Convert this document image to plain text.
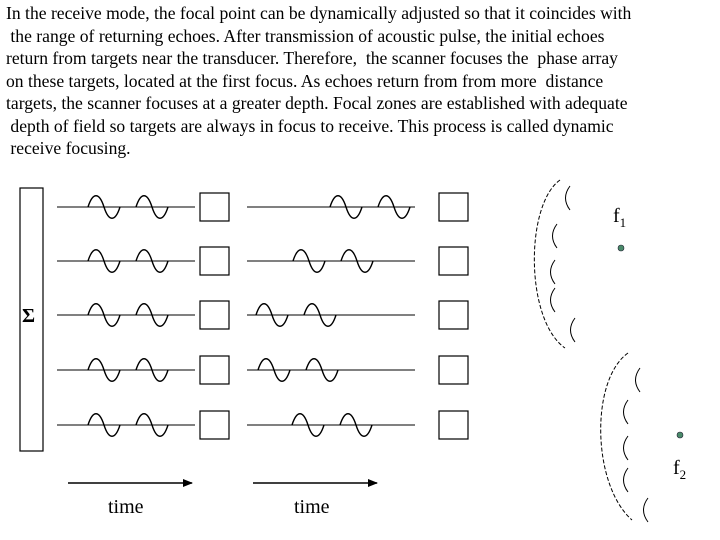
In the receive mode, the focal point can be dynamically adjusted so that it coincides with
the range of returning echoes. After transmission of acoustic pulse, the initial echoes
return from targets near the transducer. Therefore,  the scanner focuses the  phase array
on these targets, located at the first focus. As echoes return from from more  distance
targets, the scanner focuses at a greater depth. Focal zones are established with adequate
depth of field so targets are always in focus to receive. This process is called dynamic
receive focusing.
Σ
time	time
$f_1$
$f_2$
